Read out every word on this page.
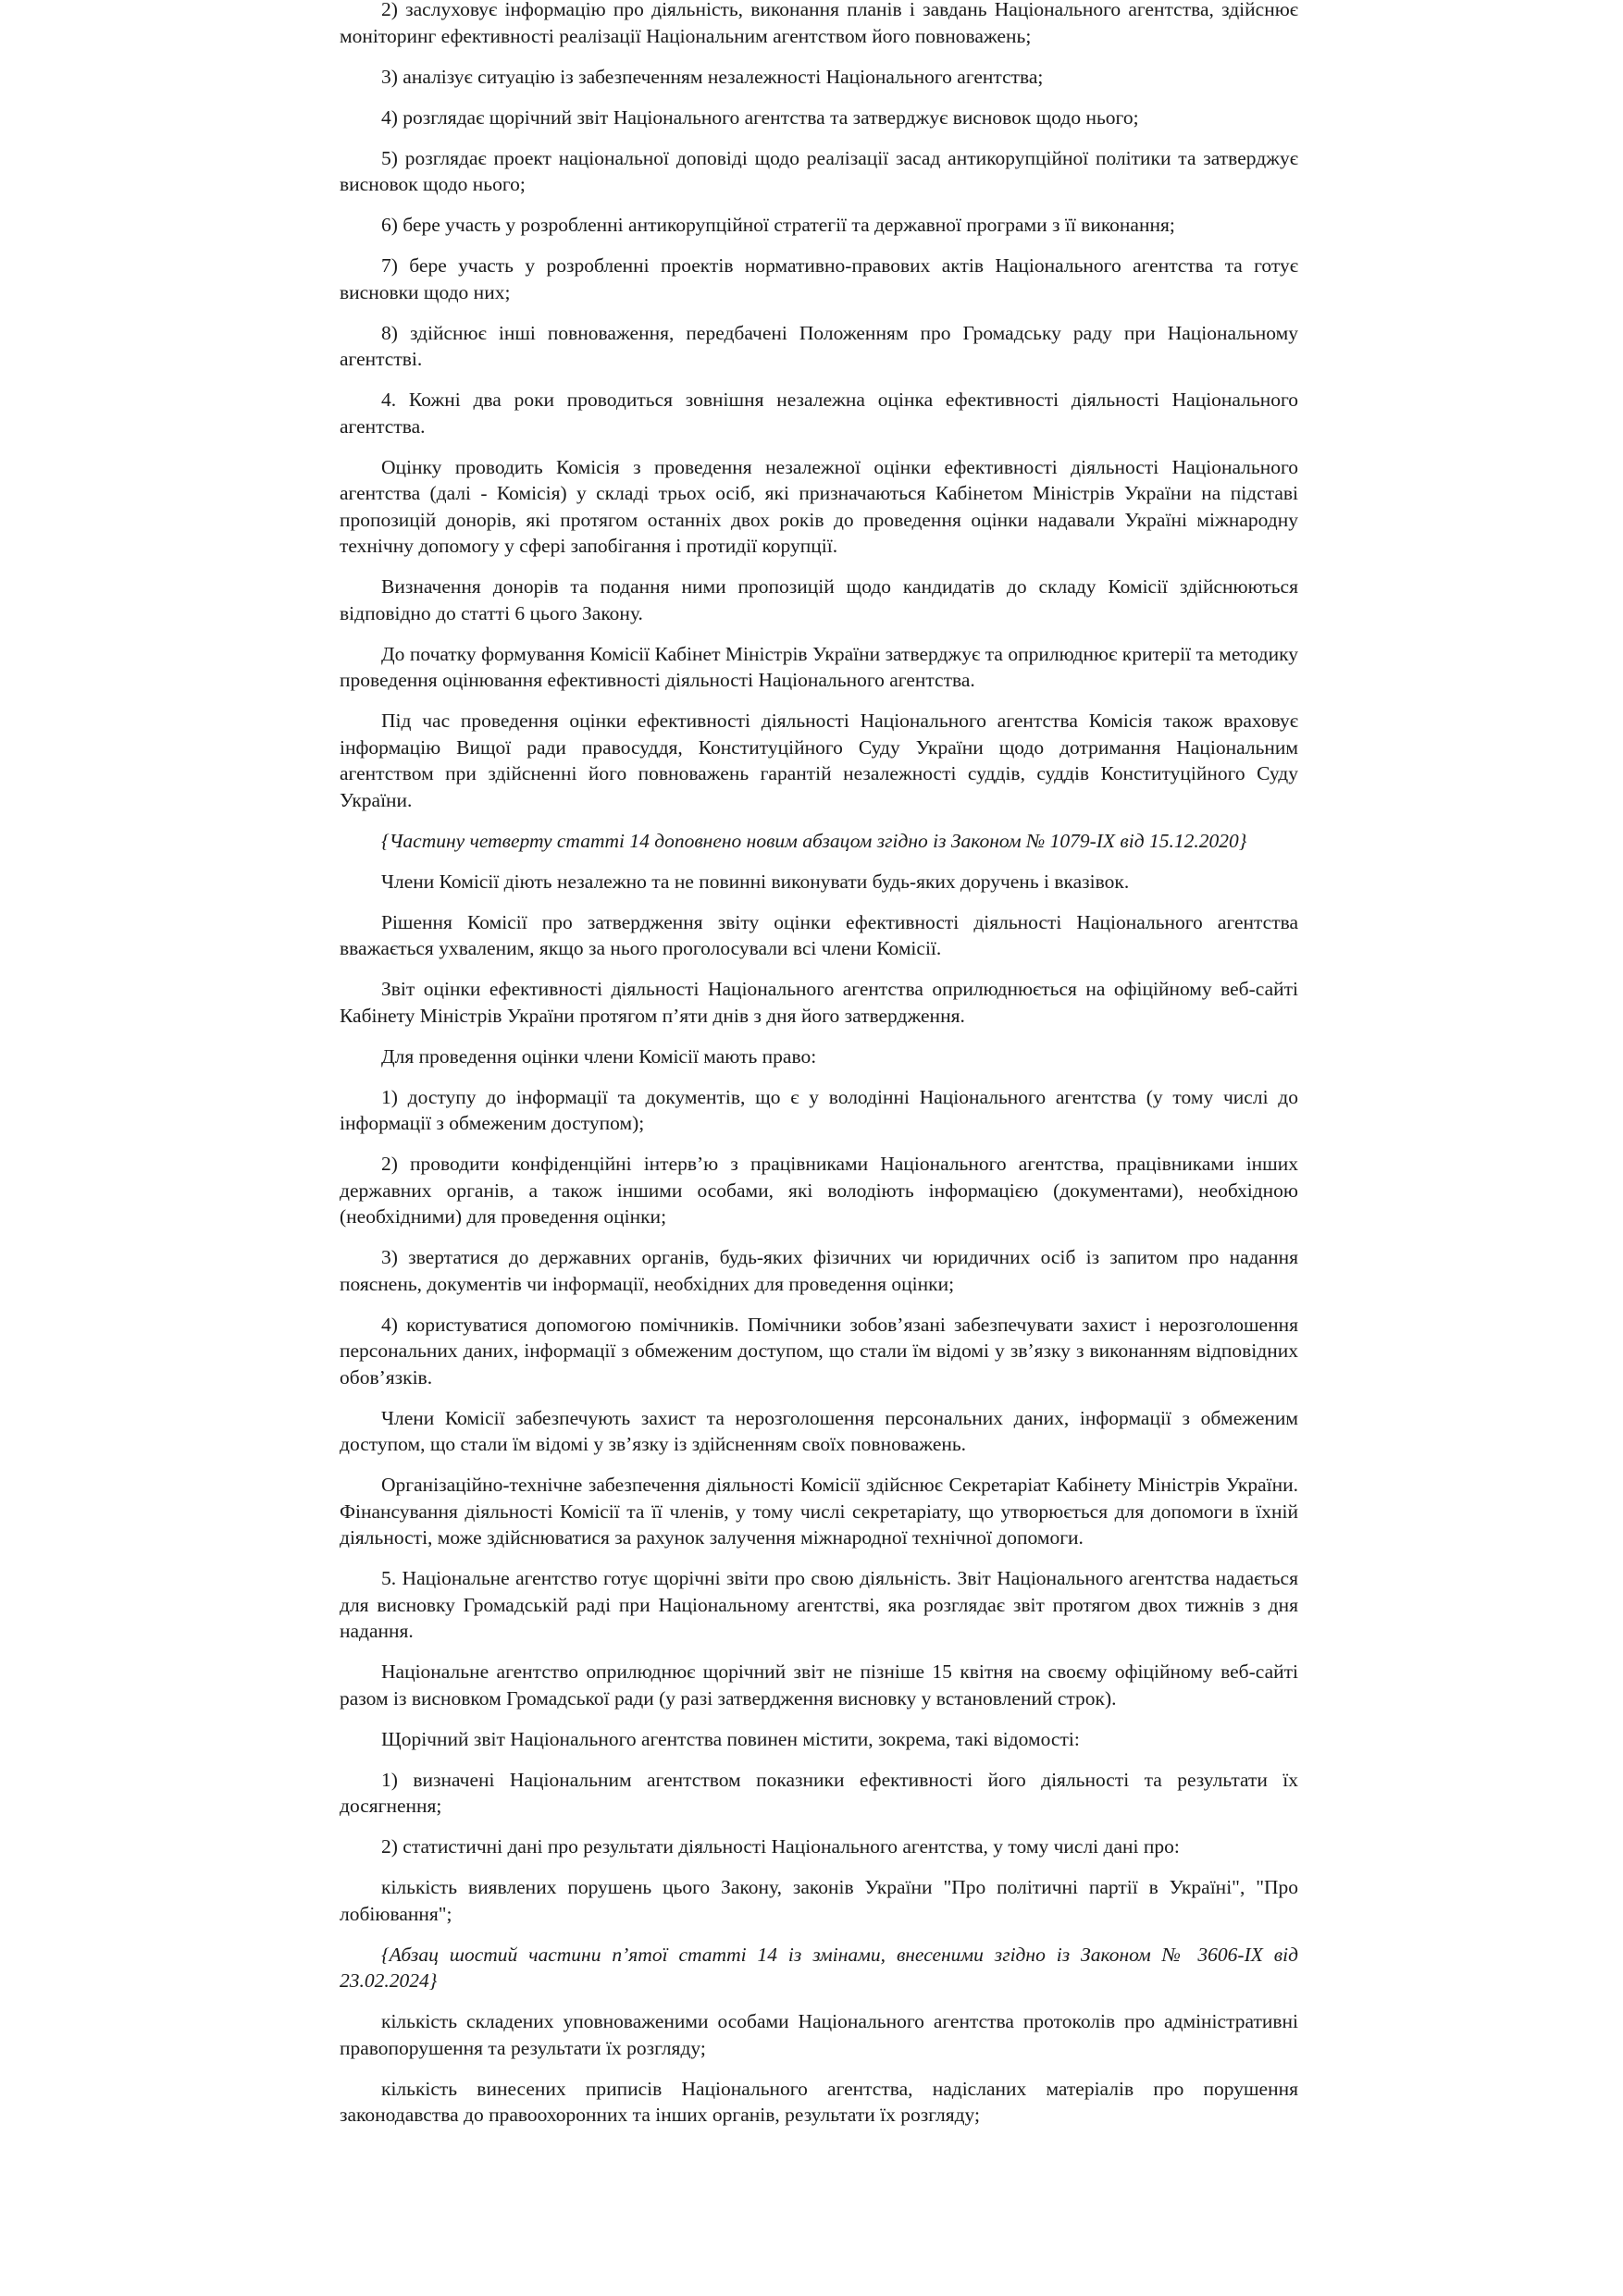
2) заслуховує інформацію про діяльність, виконання планів і завдань Національного агентства, здійснює моніторинг ефективності реалізації Національним агентством його повноважень;

3) аналізує ситуацію із забезпеченням незалежності Національного агентства;

4) розглядає щорічний звіт Національного агентства та затверджує висновок щодо нього;

5) розглядає проект національної доповіді щодо реалізації засад антикорупційної політики та затверджує висновок щодо нього;

6) бере участь у розробленні антикорупційної стратегії та державної програми з її виконання;

7) бере участь у розробленні проектів нормативно-правових актів Національного агентства та готує висновки щодо них;

8) здійснює інші повноваження, передбачені Положенням про Громадську раду при Національному агентстві.

4. Кожні два роки проводиться зовнішня незалежна оцінка ефективності діяльності Національного агентства.

Оцінку проводить Комісія з проведення незалежної оцінки ефективності діяльності Національного агентства (далі - Комісія) у складі трьох осіб, які призначаються Кабінетом Міністрів України на підставі пропозицій донорів, які протягом останніх двох років до проведення оцінки надавали Україні міжнародну технічну допомогу у сфері запобігання і протидії корупції.

Визначення донорів та подання ними пропозицій щодо кандидатів до складу Комісії здійснюються відповідно до статті 6 цього Закону.

До початку формування Комісії Кабінет Міністрів України затверджує та оприлюднює критерії та методику проведення оцінювання ефективності діяльності Національного агентства.

Під час проведення оцінки ефективності діяльності Національного агентства Комісія також враховує інформацію Вищої ради правосуддя, Конституційного Суду України щодо дотримання Національним агентством при здійсненні його повноважень гарантій незалежності суддів, суддів Конституційного Суду України.

{Частину четверту статті 14 доповнено новим абзацом згідно із Законом № 1079-IX від 15.12.2020}

Члени Комісії діють незалежно та не повинні виконувати будь-яких доручень і вказівок.

Рішення Комісії про затвердження звіту оцінки ефективності діяльності Національного агентства вважається ухваленим, якщо за нього проголосували всі члени Комісії.

Звіт оцінки ефективності діяльності Національного агентства оприлюднюється на офіційному веб-сайті Кабінету Міністрів України протягом п’яти днів з дня його затвердження.

Для проведення оцінки члени Комісії мають право:

1) доступу до інформації та документів, що є у володінні Національного агентства (у тому числі до інформації з обмеженим доступом);

2) проводити конфіденційні інтерв’ю з працівниками Національного агентства, працівниками інших державних органів, а також іншими особами, які володіють інформацією (документами), необхідною (необхідними) для проведення оцінки;

3) звертатися до державних органів, будь-яких фізичних чи юридичних осіб із запитом про надання пояснень, документів чи інформації, необхідних для проведення оцінки;

4) користуватися допомогою помічників. Помічники зобов’язані забезпечувати захист і нерозголошення персональних даних, інформації з обмеженим доступом, що стали їм відомі у зв’язку з виконанням відповідних обов’язків.

Члени Комісії забезпечують захист та нерозголошення персональних даних, інформації з обмеженим доступом, що стали їм відомі у зв’язку із здійсненням своїх повноважень.

Організаційно-технічне забезпечення діяльності Комісії здійснює Секретаріат Кабінету Міністрів України. Фінансування діяльності Комісії та її членів, у тому числі секретаріату, що утворюється для допомоги в їхній діяльності, може здійснюватися за рахунок залучення міжнародної технічної допомоги.

5. Національне агентство готує щорічні звіти про свою діяльність. Звіт Національного агентства надається для висновку Громадській раді при Національному агентстві, яка розглядає звіт протягом двох тижнів з дня надання.

Національне агентство оприлюднює щорічний звіт не пізніше 15 квітня на своєму офіційному веб-сайті разом із висновком Громадської ради (у разі затвердження висновку у встановлений строк).

Щорічний звіт Національного агентства повинен містити, зокрема, такі відомості:

1) визначені Національним агентством показники ефективності його діяльності та результати їх досягнення;

2) статистичні дані про результати діяльності Національного агентства, у тому числі дані про:

кількість виявлених порушень цього Закону, законів України "Про політичні партії в Україні", "Про лобіювання";

{Абзац шостий частини п’ятої статті 14 із змінами, внесеними згідно із Законом № 3606-IX від 23.02.2024}

кількість складених уповноваженими особами Національного агентства протоколів про адміністративні правопорушення та результати їх розгляду;

кількість винесених приписів Національного агентства, надісланих матеріалів про порушення законодавства до правоохоронних та інших органів, результати їх розгляду;
